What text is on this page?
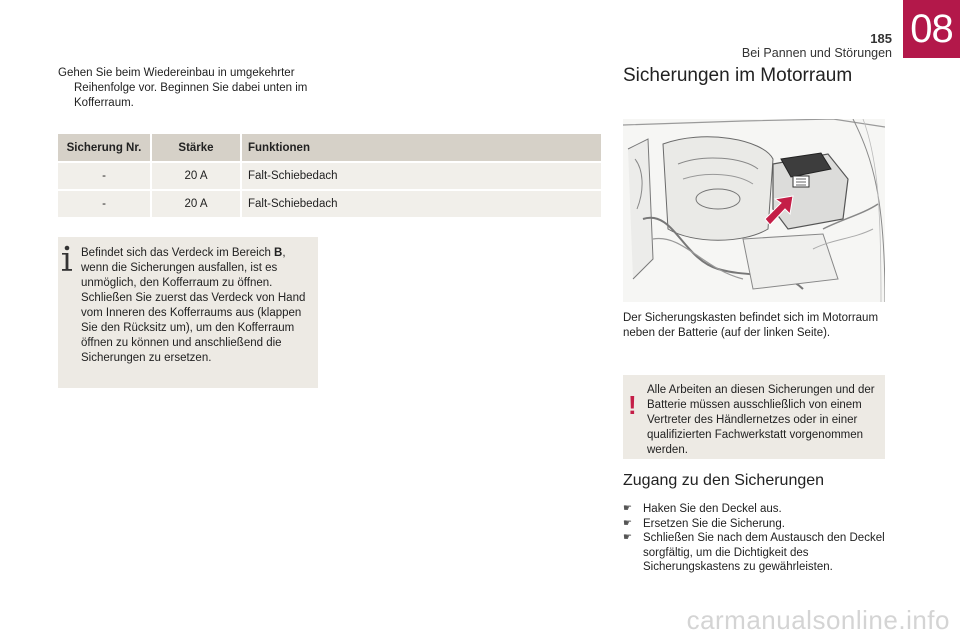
185
Bei Pannen und Störungen
08
Gehen Sie beim Wiedereinbau in umgekehrter
Reihenfolge vor. Beginnen Sie dabei unten im
Kofferraum.
Sicherung Nr.	Stärke	Funktionen
-	20 A	Falt-Schiebedach
-	20 A	Falt-Schiebedach
Befindet sich das Verdeck im Bereich B, wenn die Sicherungen ausfallen, ist es unmöglich, den Kofferraum zu öffnen. Schließen Sie zuerst das Verdeck von Hand vom Inneren des Kofferraums aus (klappen Sie den Rücksitz um), um den Kofferraum öffnen zu können und anschließend die Sicherungen zu ersetzen.
Sicherungen im Motorraum
Der Sicherungskasten befindet sich im Motorraum neben der Batterie (auf der linken Seite).
! Alle Arbeiten an diesen Sicherungen und der Batterie müssen ausschließlich von einem Vertreter des Händlernetzes oder in einer qualifizierten Fachwerkstatt vorgenommen werden.
Zugang zu den Sicherungen
☛ Haken Sie den Deckel aus.
☛ Ersetzen Sie die Sicherung.
☛ Schließen Sie nach dem Austausch den Deckel sorgfältig, um die Dichtigkeit des Sicherungskastens zu gewährleisten.
carmanualsonline.info
